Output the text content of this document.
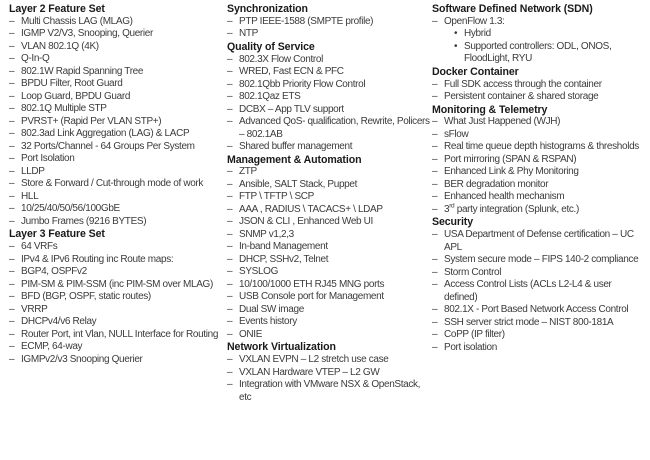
Layer 2 Feature Set
– Multi Chassis LAG (MLAG)
– IGMP V2/V3, Snooping, Querier
– VLAN 802.1Q (4K)
– Q-In-Q
– 802.1W Rapid Spanning Tree
– BPDU Filter, Root Guard
– Loop Guard, BPDU Guard
– 802.1Q Multiple STP
– PVRST+ (Rapid Per VLAN STP+)
– 802.3ad Link Aggregation (LAG) & LACP
– 32 Ports/Channel - 64 Groups Per System
– Port Isolation
– LLDP
– Store & Forward / Cut-through mode of work
– HLL
– 10/25/40/50/56/100GbE
– Jumbo Frames (9216 BYTES)
Layer 3 Feature Set
– 64 VRFs
– IPv4 & IPv6 Routing inc Route maps:
– BGP4, OSPFv2
– PIM-SM & PIM-SSM (inc PIM-SM over MLAG)
– BFD (BGP, OSPF, static routes)
– VRRP
– DHCPv4/v6 Relay
– Router Port, int Vlan, NULL Interface for Routing
– ECMP, 64-way
– IGMPv2/v3 Snooping Querier
Synchronization
– PTP IEEE-1588 (SMPTE profile)
– NTP
Quality of Service
– 802.3X Flow Control
– WRED, Fast ECN & PFC
– 802.1Qbb Priority Flow Control
– 802.1Qaz ETS
– DCBX – App TLV support
– Advanced QoS- qualification, Rewrite, Policers – 802.1AB
– Shared buffer management
Management & Automation
– ZTP
– Ansible, SALT Stack, Puppet
– FTP \ TFTP \ SCP
– AAA , RADIUS \ TACACS+ \ LDAP
– JSON & CLI , Enhanced Web UI
– SNMP v1,2,3
– In-band Management
– DHCP, SSHv2, Telnet
– SYSLOG
– 10/100/1000 ETH RJ45 MNG ports
– USB Console port for Management
– Dual SW image
– Events history
– ONIE
Network Virtualization
– VXLAN EVPN – L2 stretch use case
– VXLAN Hardware VTEP – L2 GW
– Integration with VMware NSX & OpenStack, etc
Software Defined Network (SDN)
– OpenFlow 1.3:
• Hybrid
• Supported controllers: ODL, ONOS, FloodLight, RYU
Docker Container
– Full SDK access through the container
– Persistent container & shared storage
Monitoring & Telemetry
– What Just Happened (WJH)
– sFlow
– Real time queue depth histograms & thresholds
– Port mirroring (SPAN & RSPAN)
– Enhanced Link & Phy Monitoring
– BER degradation monitor
– Enhanced health mechanism
– 3rd party integration (Splunk, etc.)
Security
– USA Department of Defense certification – UC APL
– System secure mode – FIPS 140-2 compliance
– Storm Control
– Access Control Lists (ACLs L2-L4 & user defined)
– 802.1X - Port Based Network Access Control
– SSH server strict mode – NIST 800-181A
– CoPP (IP filter)
– Port isolation
